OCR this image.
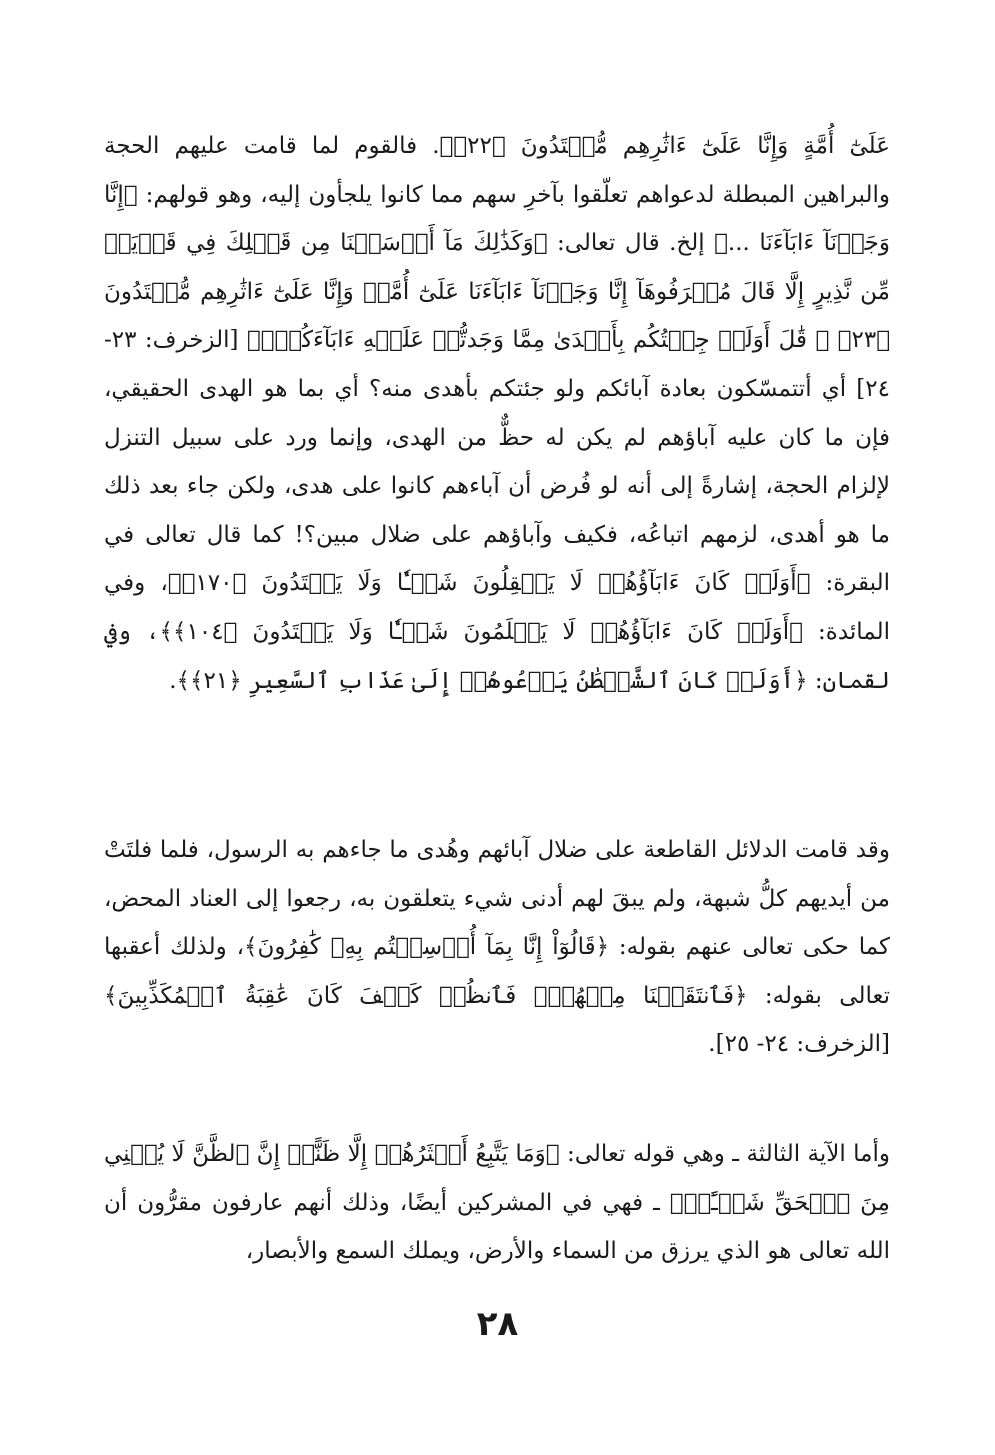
عَلَىٰٓ أُمَّةٍ وَإِنَّا عَلَىٰٓ ءَاثَٰرِهِم مُّهۡتَدُونَ ﴿٢٢﴾﴾. فالقوم لما قامت عليهم الحجة والبراهين المبطلة لدعواهم تعلّقوا بآخرِ سهم مما كانوا يلجأون إليه، وهو قولهم: ﴿إِنَّا وَجَدۡنَآ ءَابَآءَنَا ...﴾ إلخ. قال تعالى: ﴿وَكَذَٰلِكَ مَآ أَرۡسَلۡنَا مِن قَبۡلِكَ فِي قَرۡيَةٖ مِّن نَّذِيرٍ إِلَّا قَالَ مُتۡرَفُوهَآ إِنَّا وَجَدۡنَآ ءَابَآءَنَا عَلَىٰٓ أُمَّةٖ وَإِنَّا عَلَىٰٓ ءَاثَٰرِهِم مُّقۡتَدُونَ ﴿٢٣﴾ ۞ قَٰلَ أَوَلَوۡ جِئۡتُكُم بِأَهۡدَىٰ مِمَّا وَجَدتُّمۡ عَلَيۡهِ ءَابَآءَكُمۡۖ﴾ [الزخرف: ٢٣- ٢٤] أي أتتمسّكون بعادة آبائكم ولو جئتكم بأهدى منه؟ أي بما هو الهدى الحقيقي، فإن ما كان عليه آباؤهم لم يكن له حظٌّ من الهدى، وإنما ورد على سبيل التنزل لإلزام الحجة، إشارةً إلى أنه لو فُرض أن آباءهم كانوا على هدى، ولكن جاء بعد ذلك ما هو أهدى، لزمهم اتباعُه، فكيف وآباؤهم على ضلال مبين؟! كما قال تعالى في البقرة: ﴿أَوَلَوۡ كَانَ ءَابَآؤُهُمۡ لَا يَعۡقِلُونَ شَيۡـٔٗا وَلَا يَهۡتَدُونَ ﴿١٧٠﴾﴾، وفي المائدة: ﴿أَوَلَوۡ كَانَ ءَابَآؤُهُمۡ لَا يَعۡلَمُونَ شَيۡـٔٗا وَلَا يَهۡتَدُونَ ﴿١٠٤﴾﴾، وفي لقمان: ﴿أَوَلَوۡ كَانَ ٱلشَّيۡطَٰنُ يَدۡعُوهُمۡ إِلَىٰ عَذَابِ ٱلسَّعِيرِ ﴿٢١﴾﴾.

وقد قامت الدلائل القاطعة على ضلال آبائهم وهُدى ما جاءهم به الرسول، فلما فلتَتْ من أيديهم كلُّ شبهة، ولم يبقَ لهم أدنى شيء يتعلقون به، رجعوا إلى العناد المحض، كما حكى تعالى عنهم بقوله: ﴿قَالُوٓاْ إِنَّا بِمَآ أُرۡسِلۡتُم بِهِۦ كَٰفِرُونَ﴾، ولذلك أعقبها تعالى بقوله: ﴿فَٱنتَقَمۡنَا مِنۡهُمۡۖ فَٱنظُرۡ كَيۡفَ كَانَ عَٰقِبَةُ ٱلۡمُكَذِّبِينَ﴾ [الزخرف: ٢٤- ٢٥].

وأما الآية الثالثة ـ وهي قوله تعالى: ﴿وَمَا يَتَّبِعُ أَكۡثَرُهُمۡ إِلَّا ظَنًّاۚ إِنَّ ٱلظَّنَّ لَا يُغۡنِي مِنَ ٱلۡحَقِّ شَيۡـًٔاۚ﴾ ـ فهي في المشركين أيضًا، وذلك أنهم عارفون مقرُّون أن الله تعالى هو الذي يرزق من السماء والأرض، ويملك السمع والأبصار،

٢٨
